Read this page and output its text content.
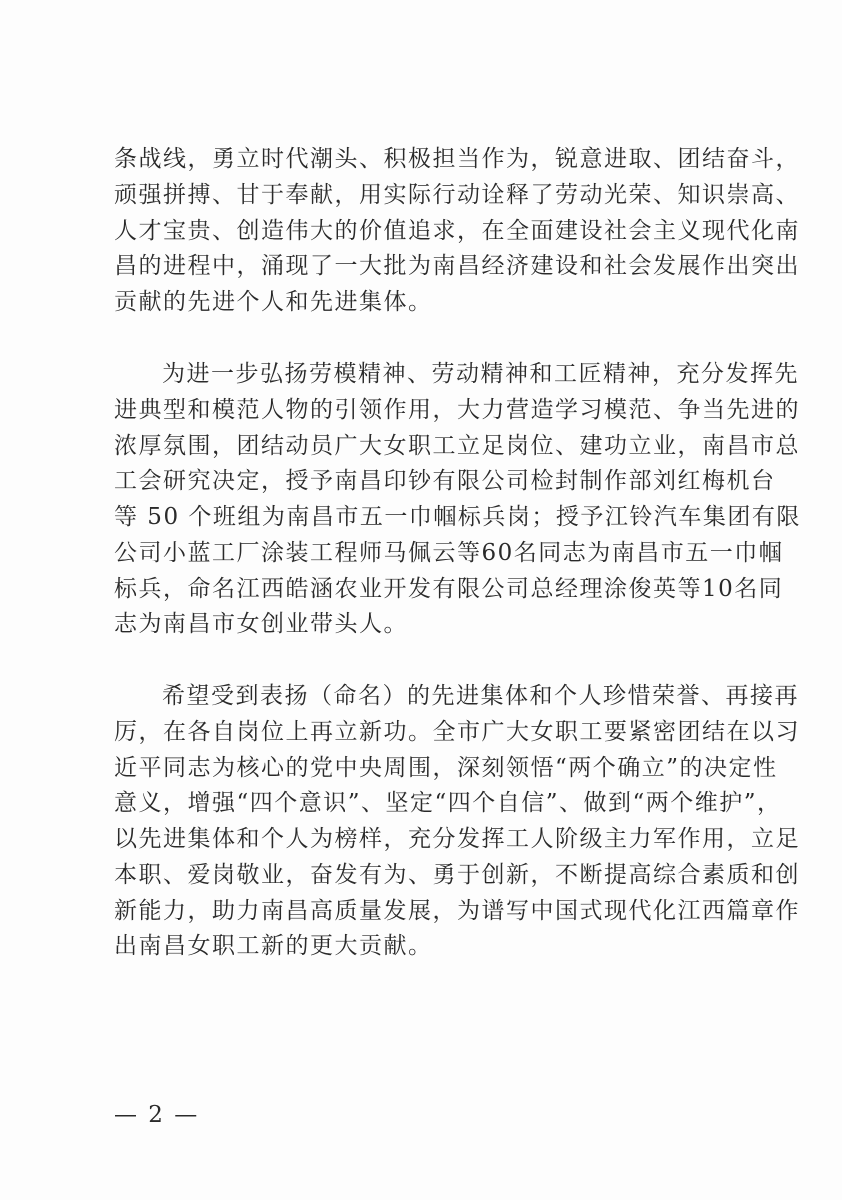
条战线，勇立时代潮头、积极担当作为，锐意进取、团结奋斗，
顽强拼搏、甘于奉献，用实际行动诠释了劳动光荣、知识崇高、
人才宝贵、创造伟大的价值追求，在全面建设社会主义现代化南
昌的进程中，涌现了一大批为南昌经济建设和社会发展作出突出
贡献的先进个人和先进集体。
为进一步弘扬劳模精神、劳动精神和工匠精神，充分发挥先
进典型和模范人物的引领作用，大力营造学习模范、争当先进的
浓厚氛围，团结动员广大女职工立足岗位、建功立业，南昌市总
工会研究决定，授予南昌印钞有限公司检封制作部刘红梅机台
等 50 个班组为南昌市五一巾帼标兵岗；授予江铃汽车集团有限
公司小蓝工厂涂装工程师马佩云等60名同志为南昌市五一巾帼
标兵，命名江西皓涵农业开发有限公司总经理涂俊英等10名同
志为南昌市女创业带头人。
希望受到表扬（命名）的先进集体和个人珍惜荣誉、再接再
厉，在各自岗位上再立新功。全市广大女职工要紧密团结在以习
近平同志为核心的党中央周围，深刻领悟“两个确立”的决定性
意义，增强“四个意识”、坚定“四个自信”、做到“两个维护”，
以先进集体和个人为榜样，充分发挥工人阶级主力军作用，立足
本职、爱岗敬业，奋发有为、勇于创新，不断提高综合素质和创
新能力，助力南昌高质量发展，为谱写中国式现代化江西篇章作
出南昌女职工新的更大贡献。
— 2 —
